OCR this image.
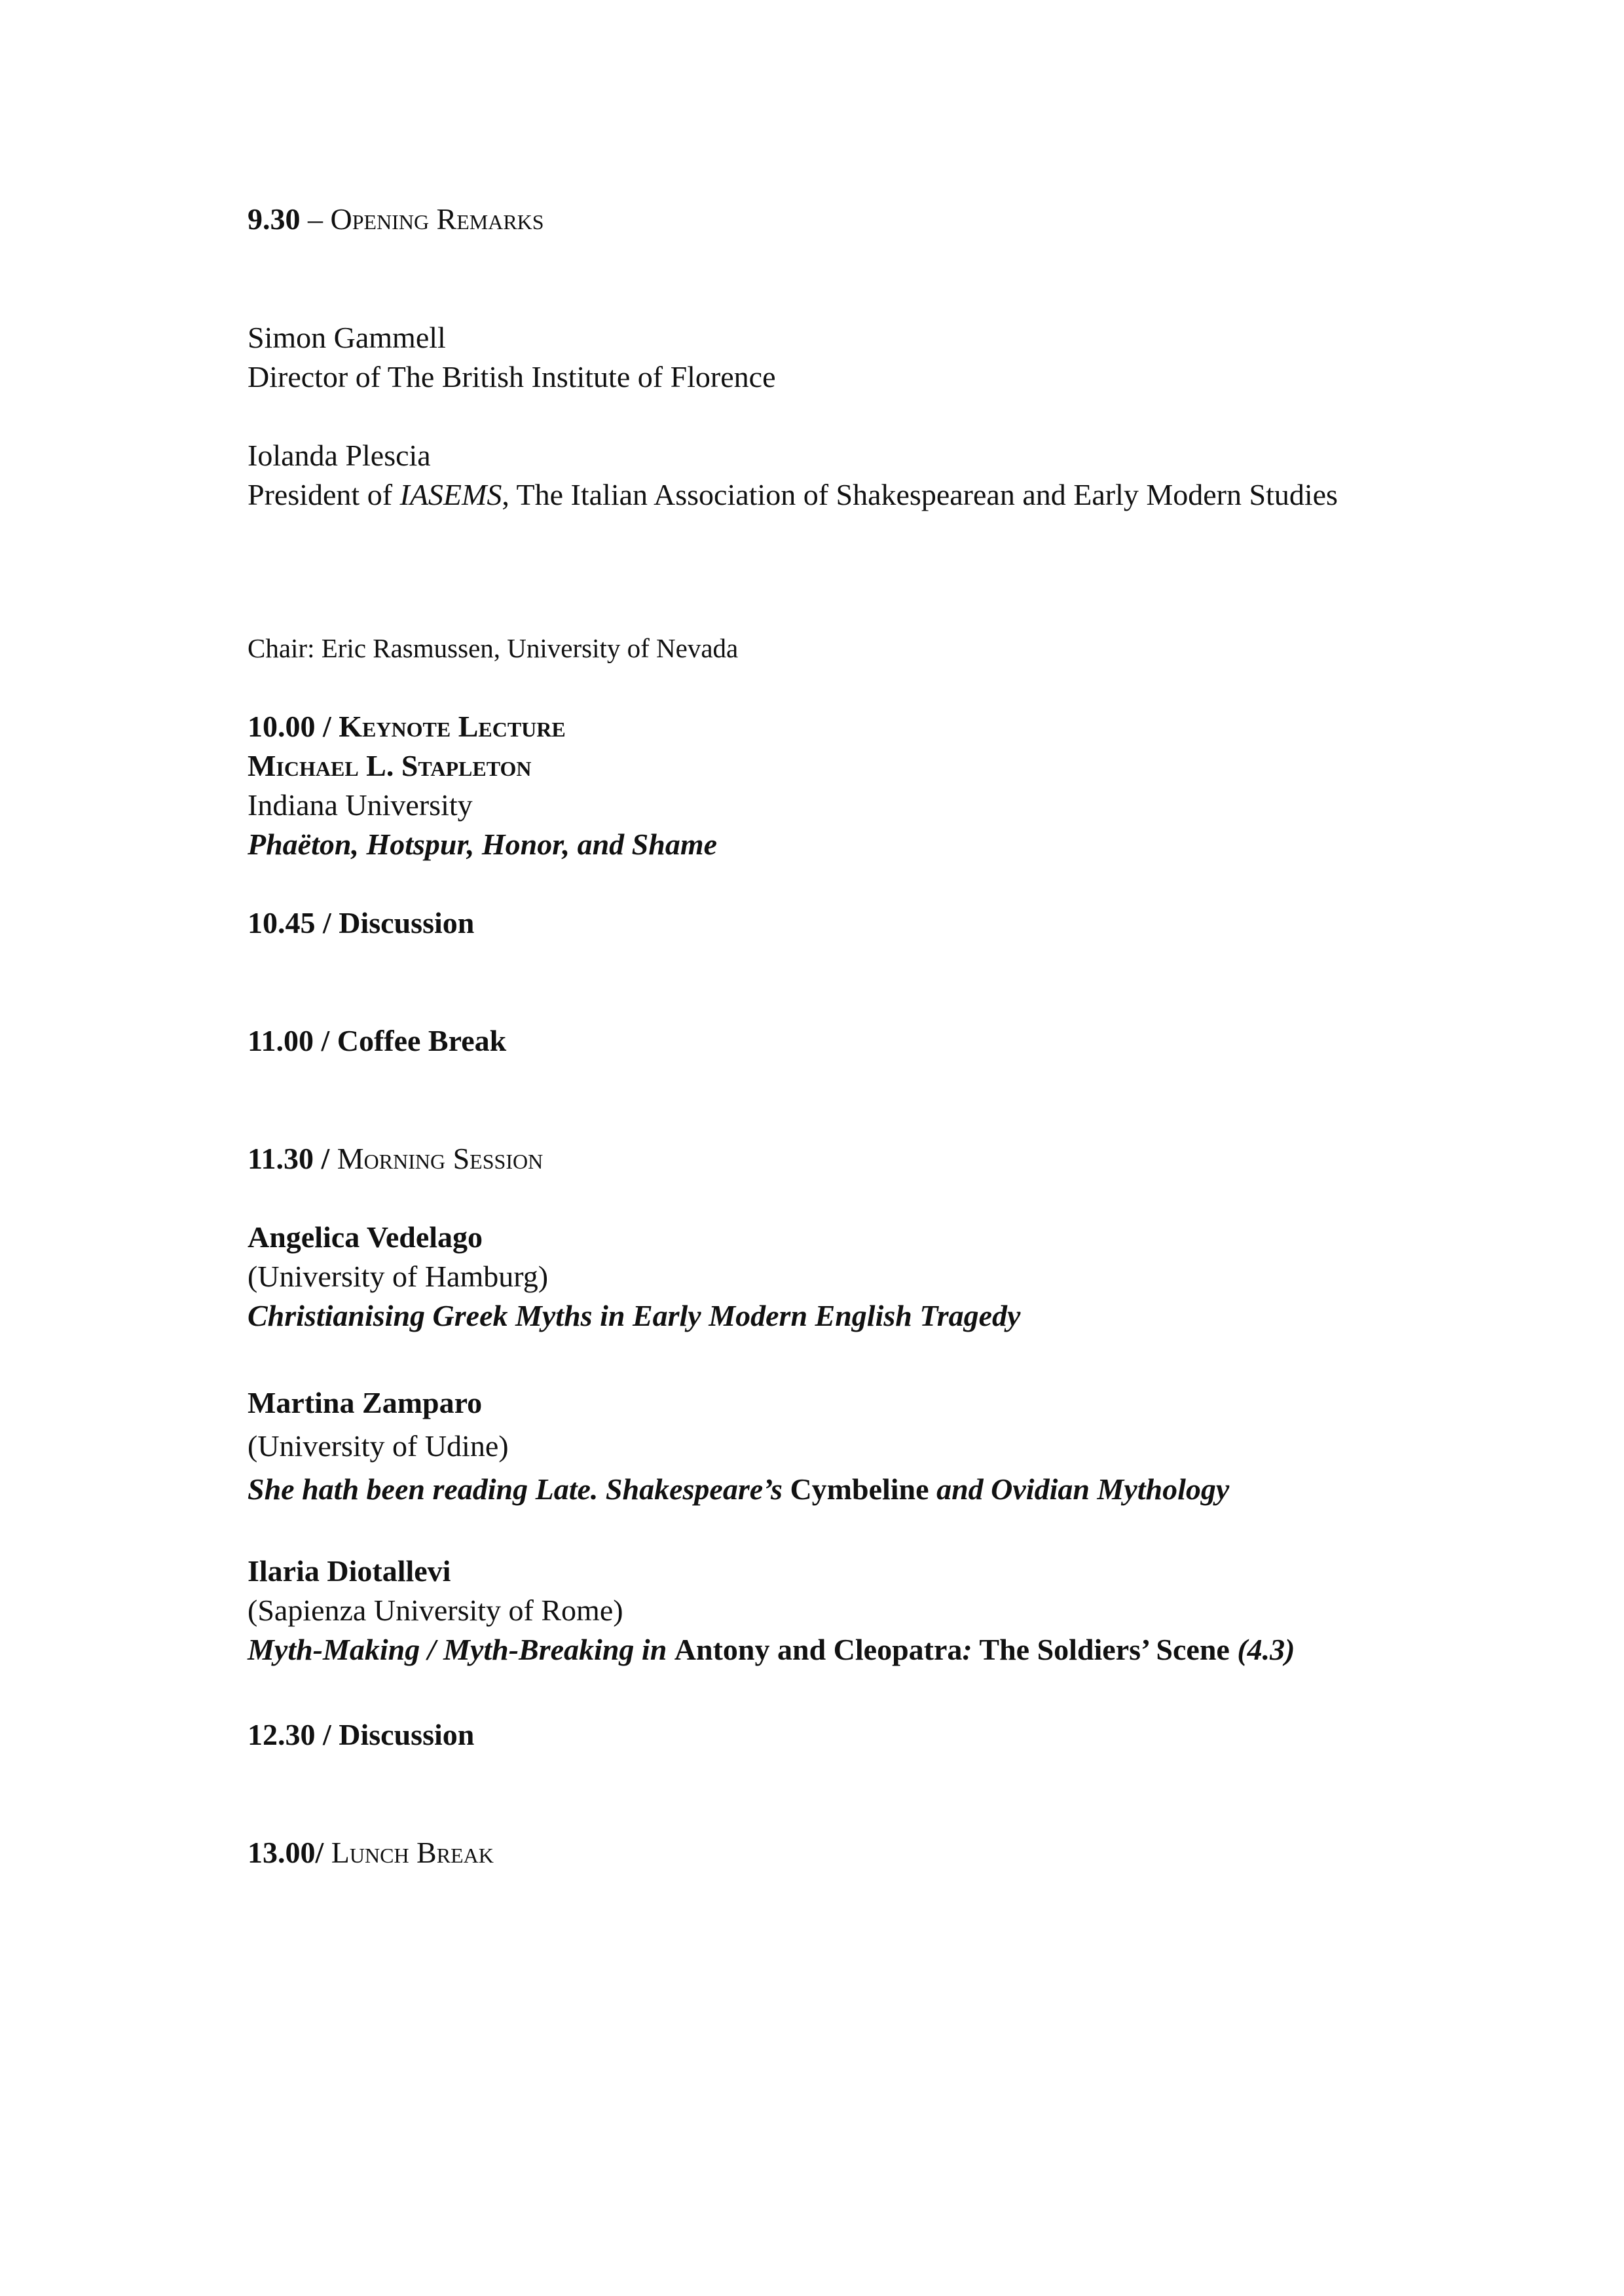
9.30 – Opening Remarks
Simon Gammell
Director of The British Institute of Florence
Iolanda Plescia
President of IASEMS, The Italian Association of Shakespearean and Early Modern Studies
Chair: Eric Rasmussen, University of Nevada
10.00 / Keynote Lecture
Michael L. Stapleton
Indiana University
Phaëton, Hotspur, Honor, and Shame
10.45 / Discussion
11.00 / Coffee Break
11.30 / Morning Session
Angelica Vedelago
(University of Hamburg)
Christianising Greek Myths in Early Modern English Tragedy
Martina Zamparo
(University of Udine)
She hath been reading Late. Shakespeare’s Cymbeline and Ovidian Mythology
Ilaria Diotallevi
(Sapienza University of Rome)
Myth-Making / Myth-Breaking in Antony and Cleopatra: The Soldiers’ Scene (4.3)
12.30 / Discussion
13.00/ Lunch Break
